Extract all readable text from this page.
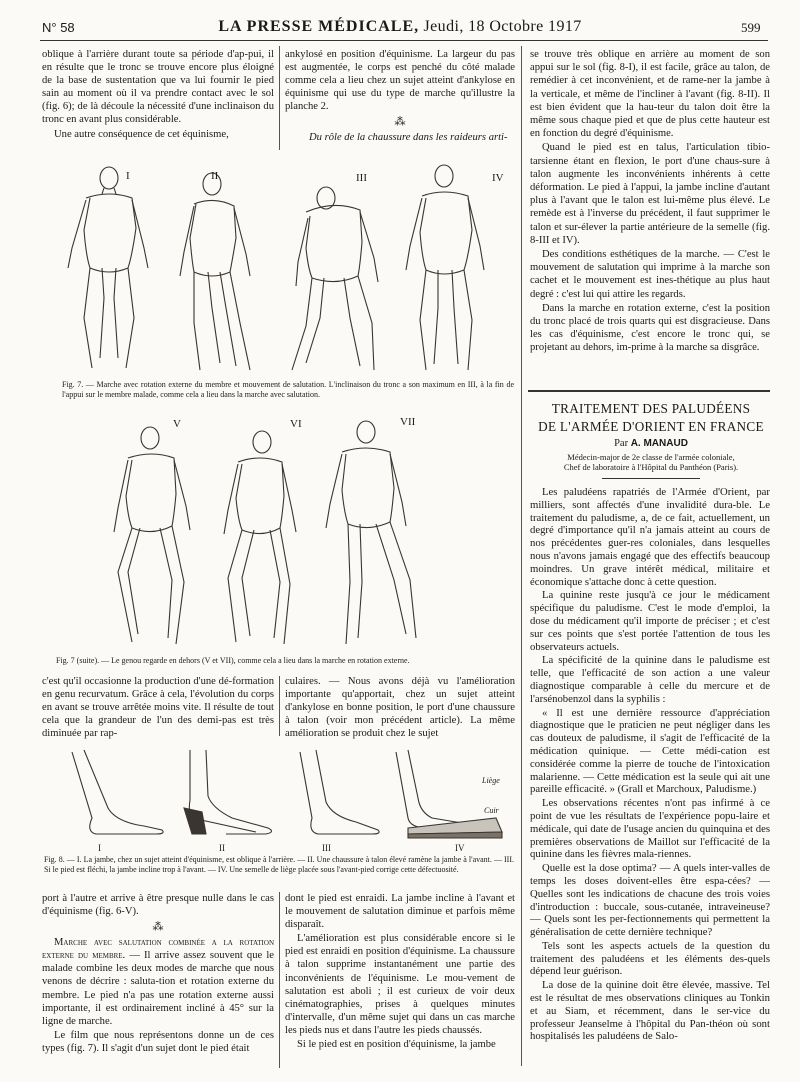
N° 58	LA PRESSE MÉDICALE, Jeudi, 18 Octobre 1917	599

oblique à l'arrière durant toute sa période d'ap-pui, il en résulte que le tronc se trouve encore plus éloigné de la base de sustentation que va lui fournir le pied sain au moment où il va prendre contact avec le sol (fig. 6); de là découle la nécessité d'une inclinaison du tronc en avant plus considérable.

Une autre conséquence de cet équinisme,

ankylosé en position d'équinisme. La largeur du pas est augmentée, le corps est penché du côté malade comme cela a lieu chez un sujet atteint d'ankylose en équinisme qui use du type de marche qu'illustre la planche 2.

⁂

Du rôle de la chaussure dans les raideurs arti-

I	II	III	IV
Fig. 7. — Marche avec rotation externe du membre et mouvement de salutation. L'inclinaison du tronc a son maximum en III, à la fin de l'appui sur le membre malade, comme cela a lieu dans la marche avec salutation.
V	VI	VII
Fig. 7 (suite). — Le genou regarde en dehors (V et VII), comme cela a lieu dans la marche en rotation externe.

c'est qu'il occasionne la production d'une dé-formation en genu recurvatum. Grâce à cela, l'évolution du corps en avant se trouve arrêtée moins vite. Il résulte de tout cela que la grandeur de l'un des demi-pas est très diminuée par rap-

culaires. — Nous avons déjà vu l'amélioration importante qu'apportait, chez un sujet atteint d'ankylose en bonne position, le port d'une chaussure à talon (voir mon précédent article). La même amélioration se produit chez le sujet

Liège
Cuir
I	II	III	IV
Fig. 8. — I. La jambe, chez un sujet atteint d'équinisme, est oblique à l'arrière. — II. Une chaussure à talon élevé ramène la jambe à l'avant. — III. Si le pied est fléchi, la jambe incline trop à l'avant. — IV. Une semelle de liège placée sous l'avant-pied corrige cette défectuosité.

port à l'autre et arrive à être presque nulle dans le cas d'équinisme (fig. 6-V).

⁂

Marche avec salutation combinée a la rotation externe du membre. — Il arrive assez souvent que le malade combine les deux modes de marche que nous venons de décrire : saluta-tion et rotation externe du membre. Le pied n'a pas une rotation externe aussi importante, il est ordinairement incliné à 45° sur la ligne de marche.

Le film que nous représentons donne un de ces types (fig. 7). Il s'agit d'un sujet dont le pied était

dont le pied est enraidi. La jambe incline à l'avant et le mouvement de salutation diminue et parfois même disparaît.

L'amélioration est plus considérable encore si le pied est enraidi en position d'équinisme. La chaussure à talon supprime instantanément une partie des inconvénients de l'équinisme. Le mou-vement de salutation est aboli ; il est curieux de voir deux cinématographies, prises à quelques minutes d'intervalle, d'un même sujet qui dans un cas marche les pieds nus et dans l'autre les pieds chaussés.

Si le pied est en position d'équinisme, la jambe

se trouve très oblique en arrière au moment de son appui sur le sol (fig. 8-I), il est facile, grâce au talon, de remédier à cet inconvénient, et de rame-ner la jambe à la verticale, et même de l'incliner à l'avant (fig. 8-II). Il est bien évident que la hau-teur du talon doit être la même sous chaque pied et que de plus cette hauteur est en fonction du degré d'équinisme.

Quand le pied est en talus, l'articulation tibio-tarsienne étant en flexion, le port d'une chaus-sure à talon augmente les inconvénients inhérents à cette déformation. Le pied à l'appui, la jambe incline d'autant plus à l'avant que le talon est lui-même plus élevé. Le remède est à l'inverse du précédent, il faut supprimer le talon et sur-élever la partie antérieure de la semelle (fig. 8-III et IV).

Des conditions esthétiques de la marche. — C'est le mouvement de salutation qui imprime à la marche son cachet et le mouvement est ines-thétique au plus haut degré : c'est lui qui attire les regards.

Dans la marche en rotation externe, c'est la position du tronc placé de trois quarts qui est disgracieuse. Dans les cas d'équinisme, c'est encore le tronc qui, se projetant au dehors, im-prime à la marche sa disgrâce.

TRAITEMENT DES PALUDÉENS
DE L'ARMÉE D'ORIENT EN FRANCE
Par A. MANAUD
Médecin-major de 2e classe de l'armée coloniale,
Chef de laboratoire à l'Hôpital du Panthéon (Paris).

Les paludéens rapatriés de l'Armée d'Orient, par milliers, sont affectés d'une invalidité dura-ble. Le traitement du paludisme, a, de ce fait, actuellement, un degré d'importance qu'il n'a jamais atteint au cours de nos précédentes guer-res coloniales, dans lesquelles nous n'avons jamais engagé que des effectifs beaucoup moindres. Un grave intérêt médical, militaire et économique s'attache donc à cette question.

La quinine reste jusqu'à ce jour le médicament spécifique du paludisme. C'est le mode d'emploi, la dose du médicament qu'il importe de préciser ; et c'est sur ces points que s'est portée l'attention de tous les observateurs actuels.

La spécificité de la quinine dans le paludisme est telle, que l'efficacité de son action a une valeur diagnostique comparable à celle du mercure et de l'arsénobenzol dans la syphilis :

« Il est une dernière ressource d'appréciation diagnostique que le praticien ne peut négliger dans les cas douteux de paludisme, il s'agit de l'efficacité de la médication quinique. — Cette médi-cation est considérée comme la pierre de touche de l'intoxication malarienne. — Cette médication est la seule qui ait une pareille efficacité. » (Grall et Marchoux, Paludisme.)

Les observations récentes n'ont pas infirmé à ce point de vue les résultats de l'expérience popu-laire et médicale, qui date de l'usage ancien du quinquina et des premières observations de Maillot sur l'efficacité de la quinine dans les fièvres mala-riennes.

Quelle est la dose optima? — A quels inter-valles de temps les doses doivent-elles être espa-cées? — Quelles sont les indications de chacune des trois voies d'introduction : buccale, sous-cutanée, intraveineuse? — Quels sont les per-fectionnements qui permettent la généralisation de cette dernière technique?

Tels sont les aspects actuels de la question du traitement des paludéens et les éléments des-quels dépend leur guérison.

La dose de la quinine doit être élevée, massive. Tel est le résultat de mes observations cliniques au Tonkin et au Siam, et récemment, dans le ser-vice du professeur Jeanselme à l'hôpital du Pan-théon où sont hospitalisés les paludéens de Salo-
